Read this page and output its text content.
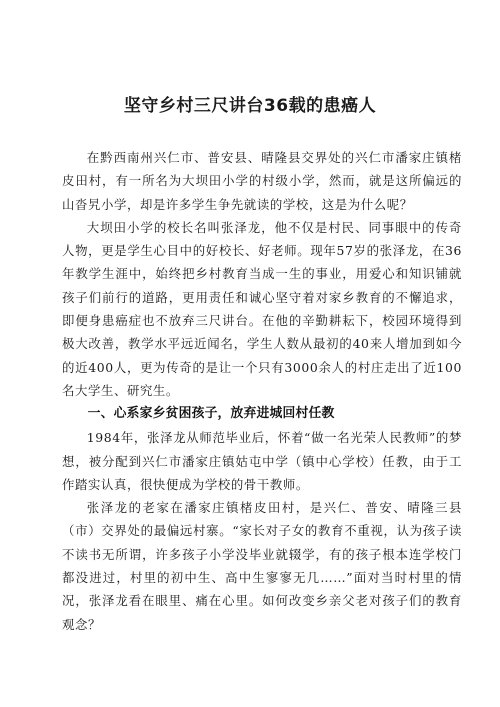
坚守乡村三尺讲台36载的患癌人

在黔西南州兴仁市、普安县、晴隆县交界处的兴仁市潘家庄镇楮皮田村，有一所名为大坝田小学的村级小学，然而，就是这所偏远的山沓旯小学，却是许多学生争先就读的学校，这是为什么呢？

大坝田小学的校长名叫张泽龙，他不仅是村民、同事眼中的传奇人物，更是学生心目中的好校长、好老师。现年57岁的张泽龙，在36年教学生涯中，始终把乡村教育当成一生的事业，用爱心和知识铺就孩子们前行的道路，更用责任和诚心坚守着对家乡教育的不懈追求，即便身患癌症也不放弃三尺讲台。在他的辛勤耕耘下，校园环境得到极大改善，教学水平远近闻名，学生人数从最初的40来人增加到如今的近400人，更为传奇的是让一个只有3000余人的村庄走出了近100名大学生、研究生。

一、心系家乡贫困孩子，放弃进城回村任教

1984年，张泽龙从师范毕业后，怀着“做一名光荣人民教师”的梦想，被分配到兴仁市潘家庄镇姑屯中学（镇中心学校）任教，由于工作踏实认真，很快便成为学校的骨干教师。

张泽龙的老家在潘家庄镇楮皮田村，是兴仁、普安、晴隆三县（市）交界处的最偏远村寨。“家长对子女的教育不重视，认为孩子读不读书无所谓，许多孩子小学没毕业就辍学，有的孩子根本连学校门都没进过，村里的初中生、高中生寥寥无几……”面对当时村里的情况，张泽龙看在眼里、痛在心里。如何改变乡亲父老对孩子们的教育观念？
